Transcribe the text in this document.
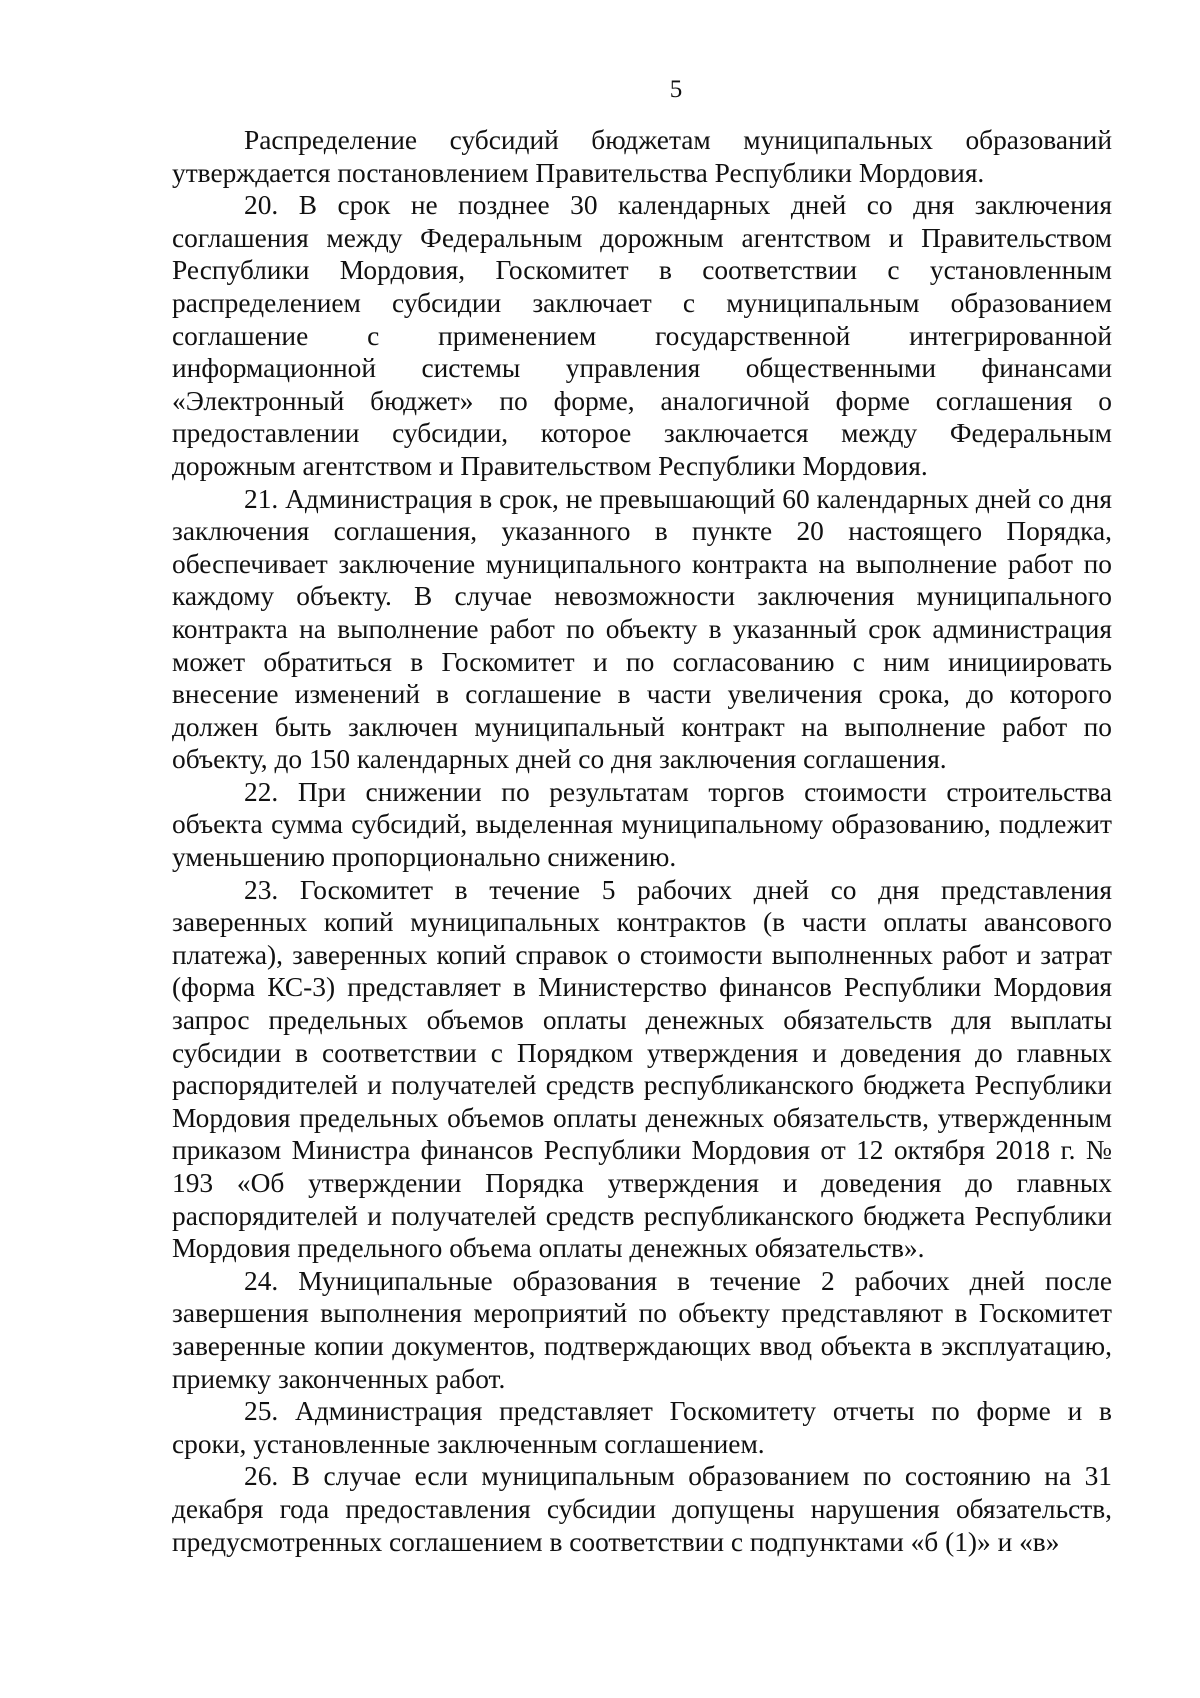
5

Распределение субсидий бюджетам муниципальных образований утверждается постановлением Правительства Республики Мордовия.

20. В срок не позднее 30 календарных дней со дня заключения соглашения между Федеральным дорожным агентством и Правительством Республики Мордовия, Госкомитет в соответствии с установленным распределением субсидии заключает с муниципальным образованием соглашение с применением государственной интегрированной информационной системы управления общественными финансами «Электронный бюджет» по форме, аналогичной форме соглашения о предоставлении субсидии, которое заключается между Федеральным дорожным агентством и Правительством Республики Мордовия.

21. Администрация в срок, не превышающий 60 календарных дней со дня заключения соглашения, указанного в пункте 20 настоящего Порядка, обеспечивает заключение муниципального контракта на выполнение работ по каждому объекту. В случае невозможности заключения муниципального контракта на выполнение работ по объекту в указанный срок администрация может обратиться в Госкомитет и по согласованию с ним инициировать внесение изменений в соглашение в части увеличения срока, до которого должен быть заключен муниципальный контракт на выполнение работ по объекту, до 150 календарных дней со дня заключения соглашения.

22. При снижении по результатам торгов стоимости строительства объекта сумма субсидий, выделенная муниципальному образованию, подлежит уменьшению пропорционально снижению.

23. Госкомитет в течение 5 рабочих дней со дня представления заверенных копий муниципальных контрактов (в части оплаты авансового платежа), заверенных копий справок о стоимости выполненных работ и затрат (форма КС-3) представляет в Министерство финансов Республики Мордовия запрос предельных объемов оплаты денежных обязательств для выплаты субсидии в соответствии с Порядком утверждения и доведения до главных распорядителей и получателей средств республиканского бюджета Республики Мордовия предельных объемов оплаты денежных обязательств, утвержденным приказом Министра финансов Республики Мордовия от 12 октября 2018 г. № 193 «Об утверждении Порядка утверждения и доведения до главных распорядителей и получателей средств республиканского бюджета Республики Мордовия предельного объема оплаты денежных обязательств».

24. Муниципальные образования в течение 2 рабочих дней после завершения выполнения мероприятий по объекту представляют в Госкомитет заверенные копии документов, подтверждающих ввод объекта в эксплуатацию, приемку законченных работ.

25. Администрация представляет Госкомитету отчеты по форме и в сроки, установленные заключенным соглашением.

26. В случае если муниципальным образованием по состоянию на 31 декабря года предоставления субсидии допущены нарушения обязательств, предусмотренных соглашением в соответствии с подпунктами «б (1)» и «в»
